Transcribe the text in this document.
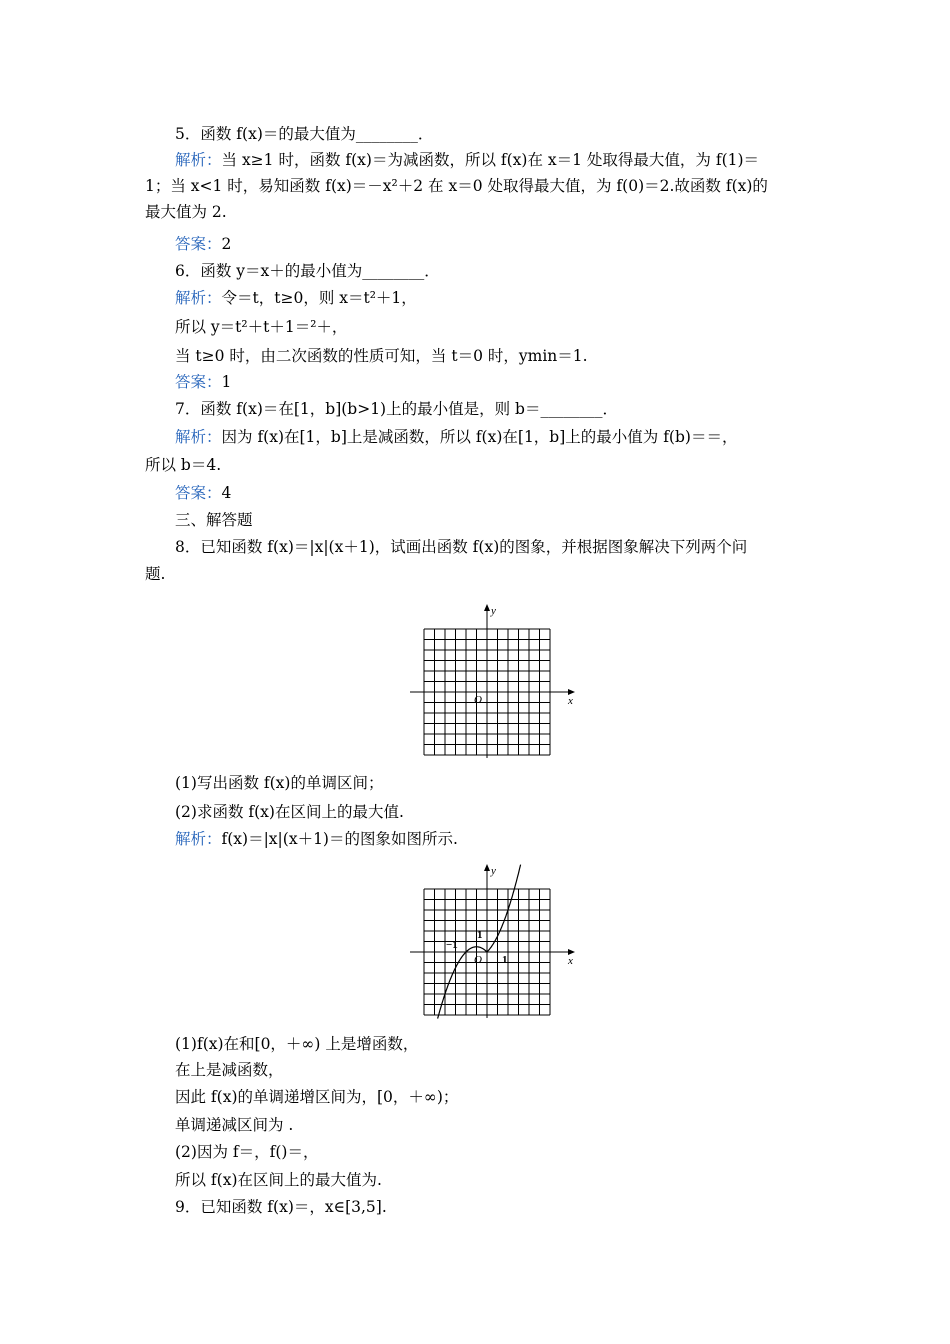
5．函数 f(x)＝的最大值为________．
解析：当 x≥1 时，函数 f(x)＝为减函数，所以 f(x)在 x＝1 处取得最大值，为 f(1)＝
1；当 x<1 时，易知函数 f(x)＝－x²＋2 在 x＝0 处取得最大值，为 f(0)＝2.故函数 f(x)的
最大值为 2.
答案：2
6．函数 y＝x＋的最小值为________．
解析：令＝t，t≥0，则 x＝t²＋1，
所以 y＝t²＋t＋1＝²＋，
当 t≥0 时，由二次函数的性质可知，当 t＝0 时，ymin＝1.
答案：1
7．函数 f(x)＝在[1，b](b>1)上的最小值是，则 b＝________．
解析：因为 f(x)在[1，b]上是减函数，所以 f(x)在[1，b]上的最小值为 f(b)＝＝，
所以 b＝4.
答案：4
三、解答题
8．已知函数 f(x)＝|x|(x＋1)，试画出函数 f(x)的图象，并根据图象解决下列两个问
题.
y
x
O
(1)写出函数 f(x)的单调区间；
(2)求函数 f(x)在区间上的最大值.
解析：f(x)＝|x|(x＋1)＝的图象如图所示.
y
x
O
−1
1
1
(1)f(x)在和[0，＋∞) 上是增函数，
在上是减函数，
因此 f(x)的单调递增区间为，[0，＋∞)；
单调递减区间为 .
(2)因为 f＝，f()＝，
所以 f(x)在区间上的最大值为.
9．已知函数 f(x)＝，x∈[3,5].
